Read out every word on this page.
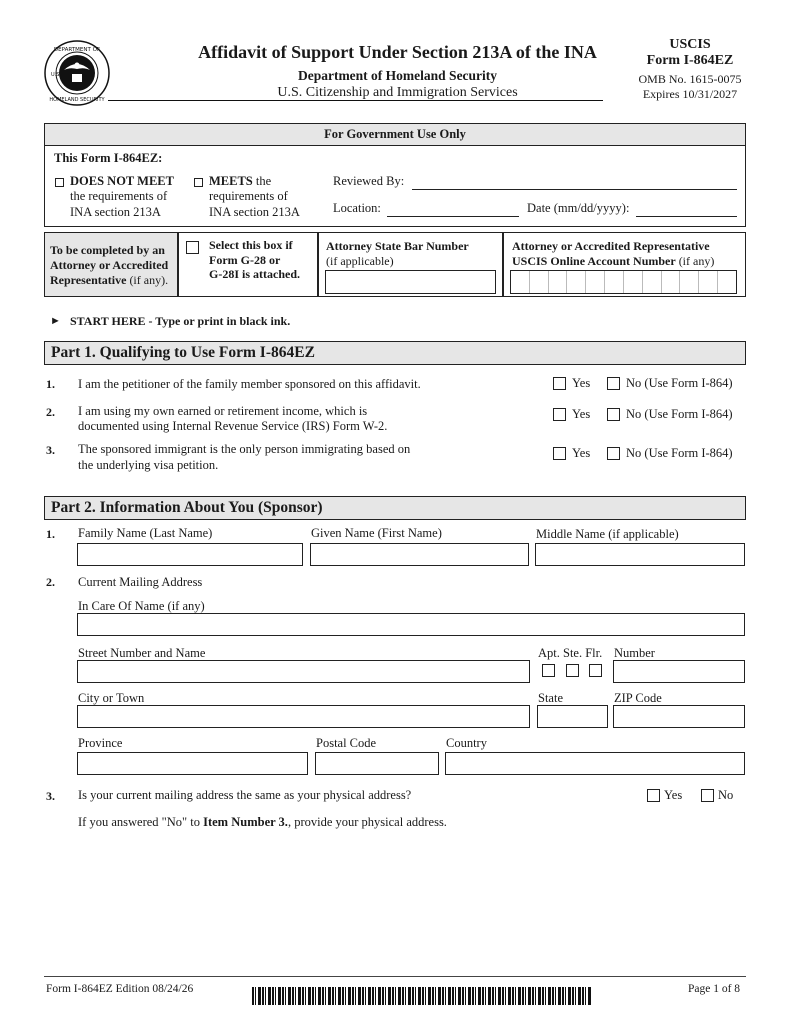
DEPARTMENT OF
HOMELAND SECURITY
U.S.
Affidavit of Support Under Section 213A of the INA
Department of Homeland Security
U.S. Citizenship and Immigration Services
USCIS
Form I-864EZ
OMB No. 1615-0075
Expires 10/31/2027
For Government Use Only
This Form I-864EZ:
DOES NOT MEET
the requirements of
INA section 213A
MEETS the
requirements of
INA section 213A
Reviewed By:
Location:	Date (mm/dd/yyyy):
To be completed by an
Attorney or Accredited
Representative (if any).
Select this box if
Form G-28 or
G-28I is attached.
Attorney State Bar Number
(if applicable)
Attorney or Accredited Representative
USCIS Online Account Number (if any)
► START HERE - Type or print in black ink.
Part 1. Qualifying to Use Form I-864EZ
1. I am the petitioner of the family member sponsored on this affidavit.	Yes	No (Use Form I-864)
2. I am using my own earned or retirement income, which is
documented using Internal Revenue Service (IRS) Form W-2.
Yes	No (Use Form I-864)
3. The sponsored immigrant is the only person immigrating based on
the underlying visa petition.
Yes	No (Use Form I-864)
Part 2. Information About You (Sponsor)
1. Family Name (Last Name)	Given Name (First Name)	Middle Name (if applicable)
2. Current Mailing Address
In Care Of Name (if any)
Street Number and Name	Apt. Ste. Flr. Number
City or Town	State	ZIP Code
Province	Postal Code	Country
3. Is your current mailing address the same as your physical address?	Yes	No
If you answered "No" to Item Number 3., provide your physical address.
Form I-864EZ Edition 08/24/26	Page 1 of 8
